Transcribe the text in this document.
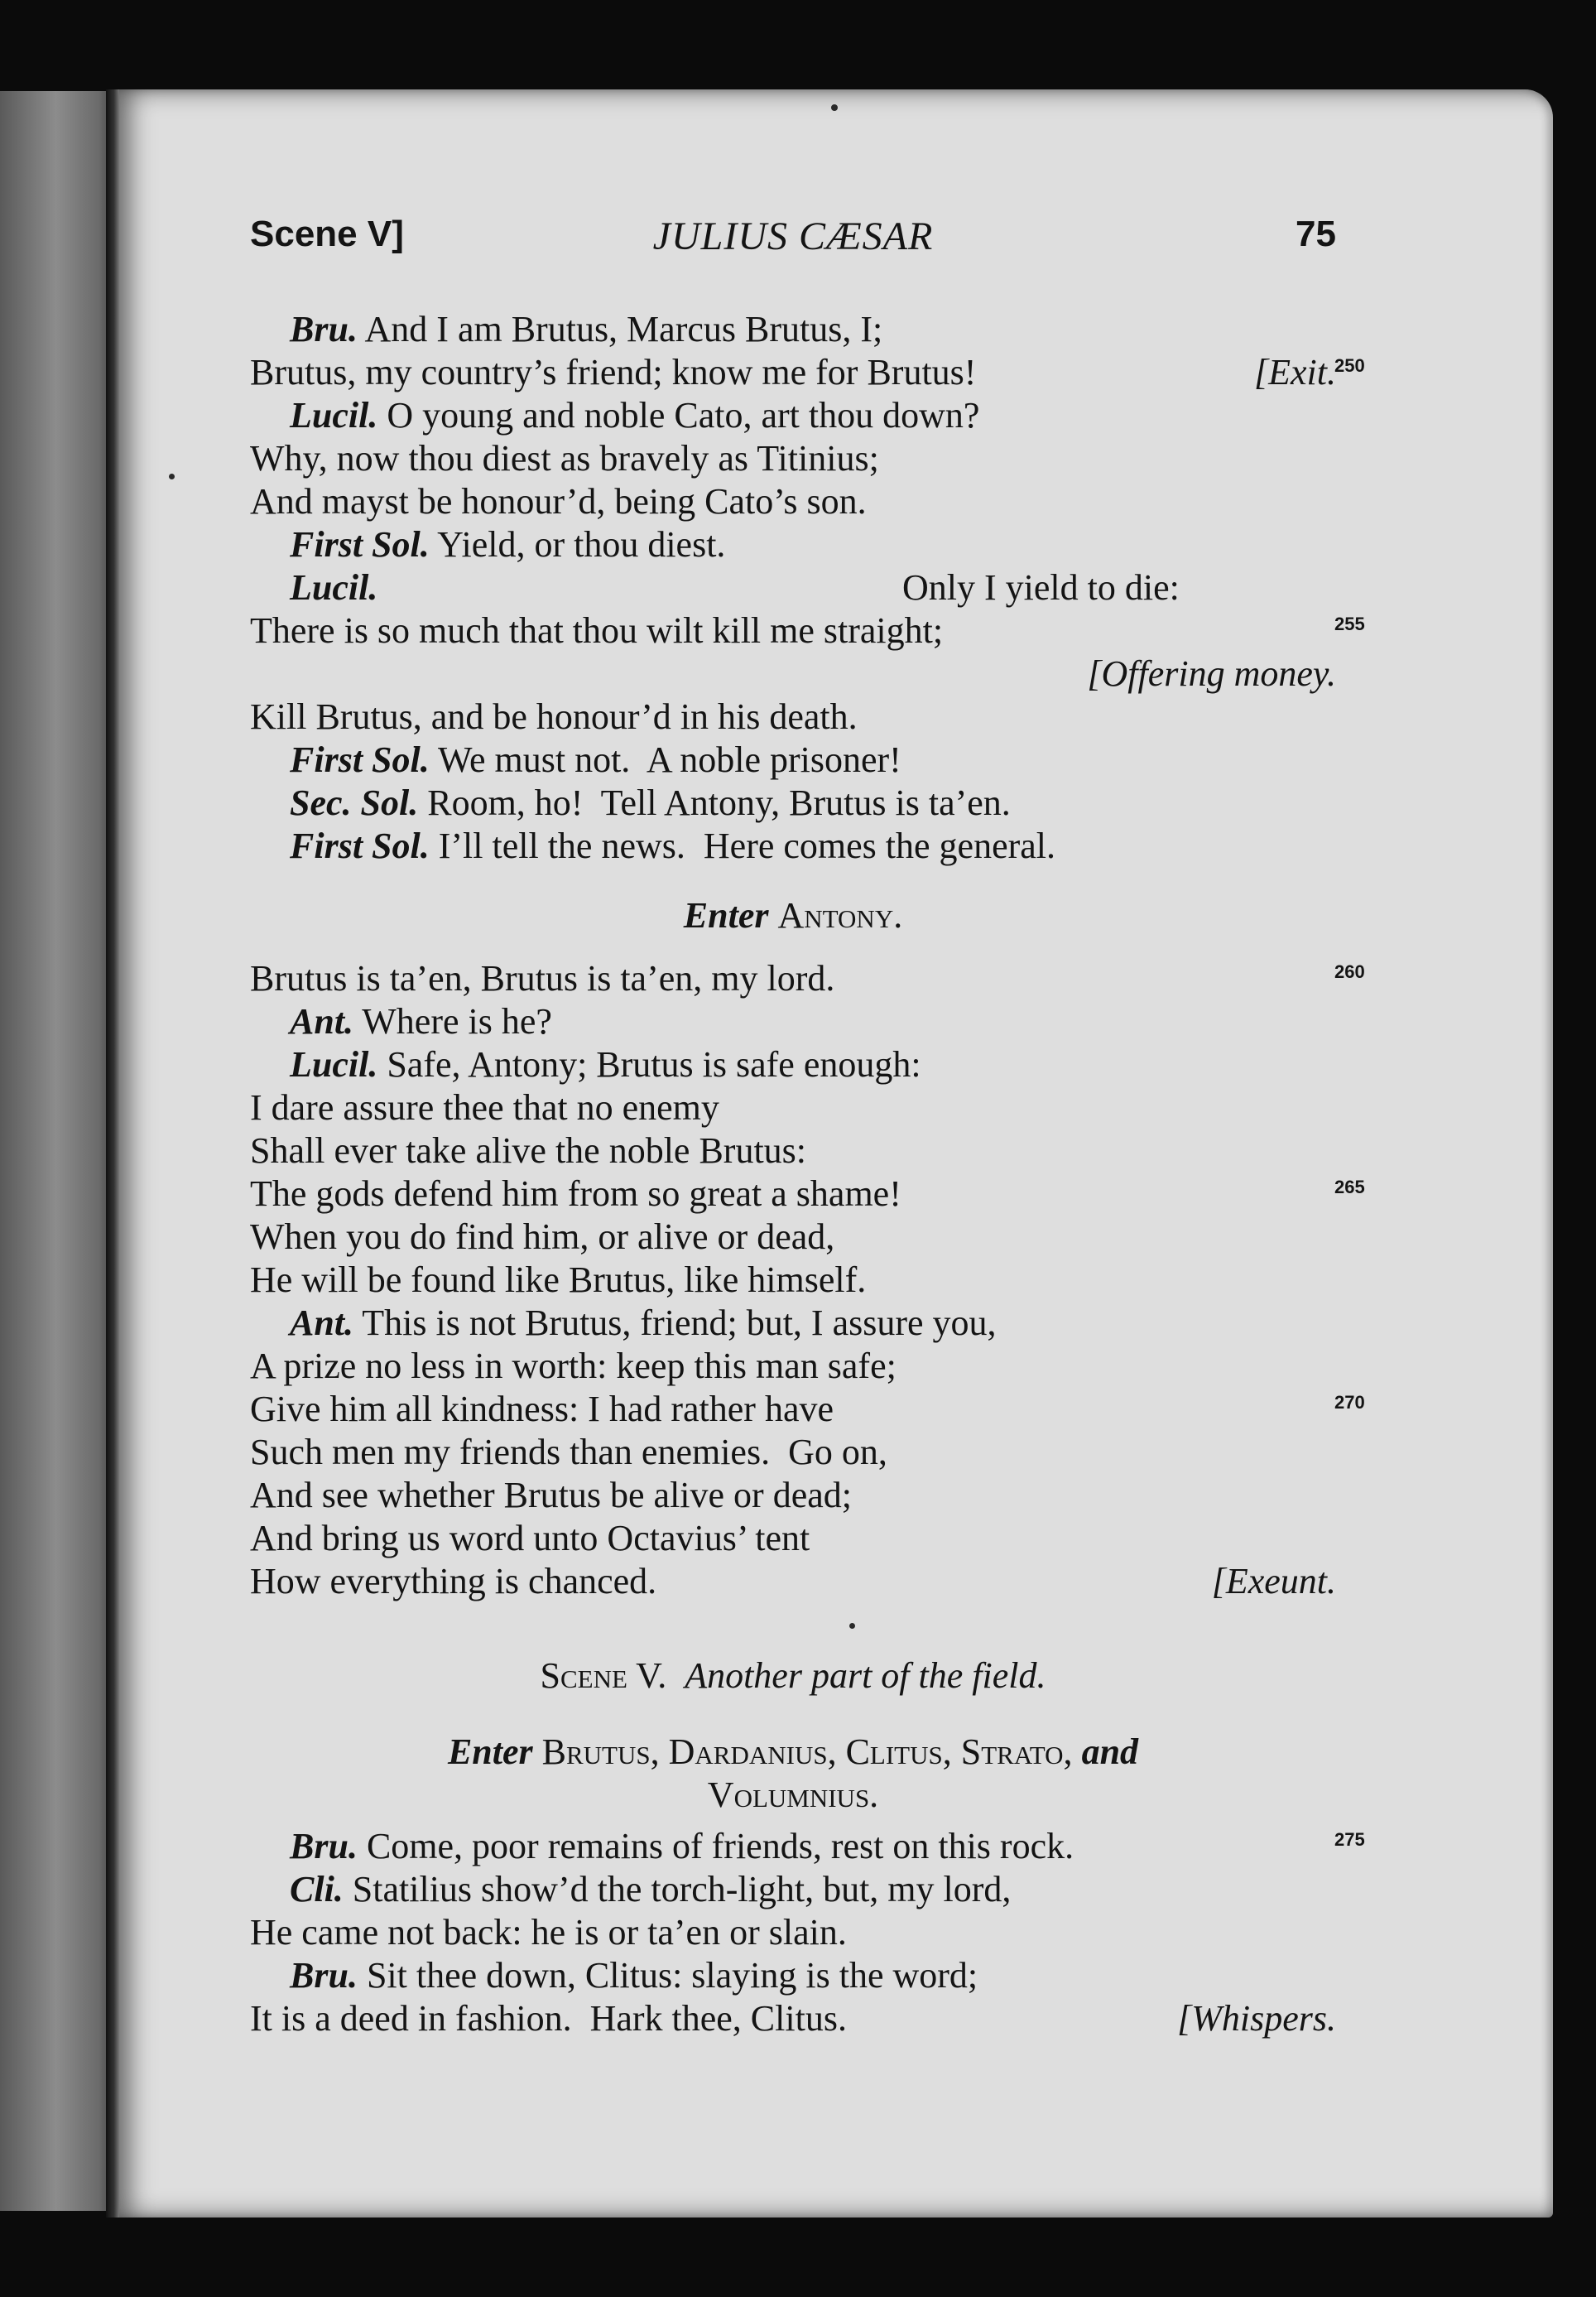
Scene V]	JULIUS CÆSAR	75
Bru. And I am Brutus, Marcus Brutus, I;
Brutus, my country’s friend; know me for Brutus!	[Exit.
Lucil. O young and noble Cato, art thou down?
Why, now thou diest as bravely as Titinius;
And mayst be honour’d, being Cato’s son.
First Sol. Yield, or thou diest.
Lucil.	Only I yield to die:
There is so much that thou wilt kill me straight;
[Offering money.
Kill Brutus, and be honour’d in his death.
First Sol. We must not.  A noble prisoner!
Sec. Sol. Room, ho!  Tell Antony, Brutus is ta’en.
First Sol. I’ll tell the news.  Here comes the general.
Enter Antony.
Brutus is ta’en, Brutus is ta’en, my lord.
Ant. Where is he?
Lucil. Safe, Antony; Brutus is safe enough:
I dare assure thee that no enemy
Shall ever take alive the noble Brutus:
The gods defend him from so great a shame!
When you do find him, or alive or dead,
He will be found like Brutus, like himself.
Ant. This is not Brutus, friend; but, I assure you,
A prize no less in worth: keep this man safe;
Give him all kindness: I had rather have
Such men my friends than enemies.  Go on,
And see whether Brutus be alive or dead;
And bring us word unto Octavius’ tent
How everything is chanced.	[Exeunt.
Scene V. Another part of the field.
Enter Brutus, Dardanius, Clitus, Strato, and
Volumnius.
Bru. Come, poor remains of friends, rest on this rock.
Cli. Statilius show’d the torch-light, but, my lord,
He came not back: he is or ta’en or slain.
Bru. Sit thee down, Clitus: slaying is the word;
It is a deed in fashion.  Hark thee, Clitus.	[Whispers.
250
255
260
265
270
275
